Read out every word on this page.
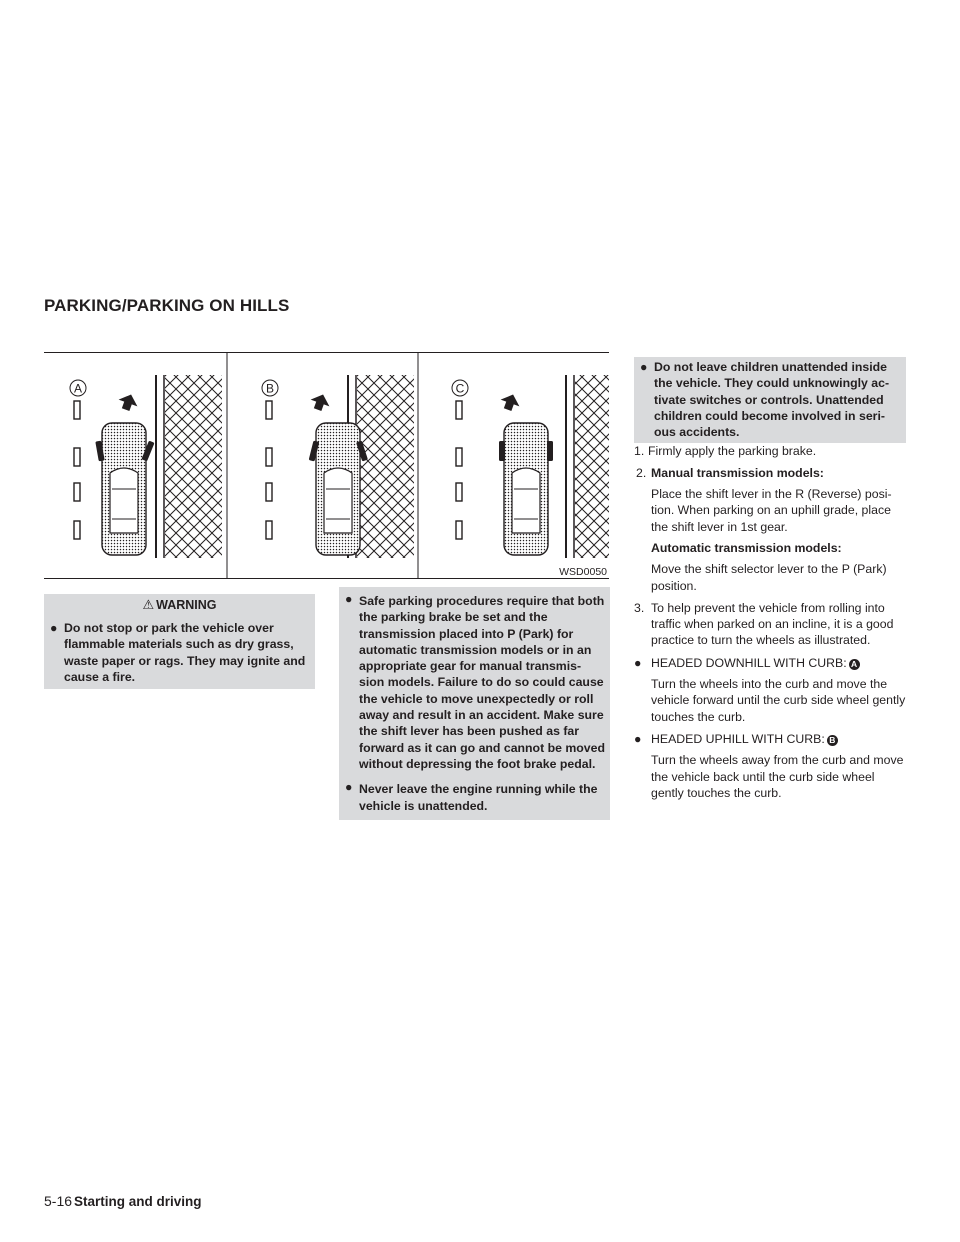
PARKING/PARKING ON HILLS
A	B	C
WSD0050
⚠ WARNING
● Do not stop or park the vehicle over flammable materials such as dry grass, waste paper or rags. They may ignite and cause a fire.
● Safe parking procedures require that both the parking brake be set and the transmission placed into P (Park) for automatic transmission models or in an appropriate gear for manual transmis-sion models. Failure to do so could cause the vehicle to move unexpectedly or roll away and result in an accident. Make sure the shift lever has been pushed as far forward as it can go and cannot be moved without depressing the foot brake pedal.
● Never leave the engine running while the vehicle is unattended.
● Do not leave children unattended inside the vehicle. They could unknowingly ac-tivate switches or controls. Unattended children could become involved in seri-ous accidents.
1. Firmly apply the parking brake.
2. Manual transmission models:
Place the shift lever in the R (Reverse) posi-tion. When parking on an uphill grade, place the shift lever in 1st gear.
Automatic transmission models:
Move the shift selector lever to the P (Park) position.
3. To help prevent the vehicle from rolling into traffic when parked on an incline, it is a good practice to turn the wheels as illustrated.
● HEADED DOWNHILL WITH CURB: A
Turn the wheels into the curb and move the vehicle forward until the curb side wheel gently touches the curb.
● HEADED UPHILL WITH CURB: B
Turn the wheels away from the curb and move the vehicle back until the curb side wheel gently touches the curb.
5-16 Starting and driving
